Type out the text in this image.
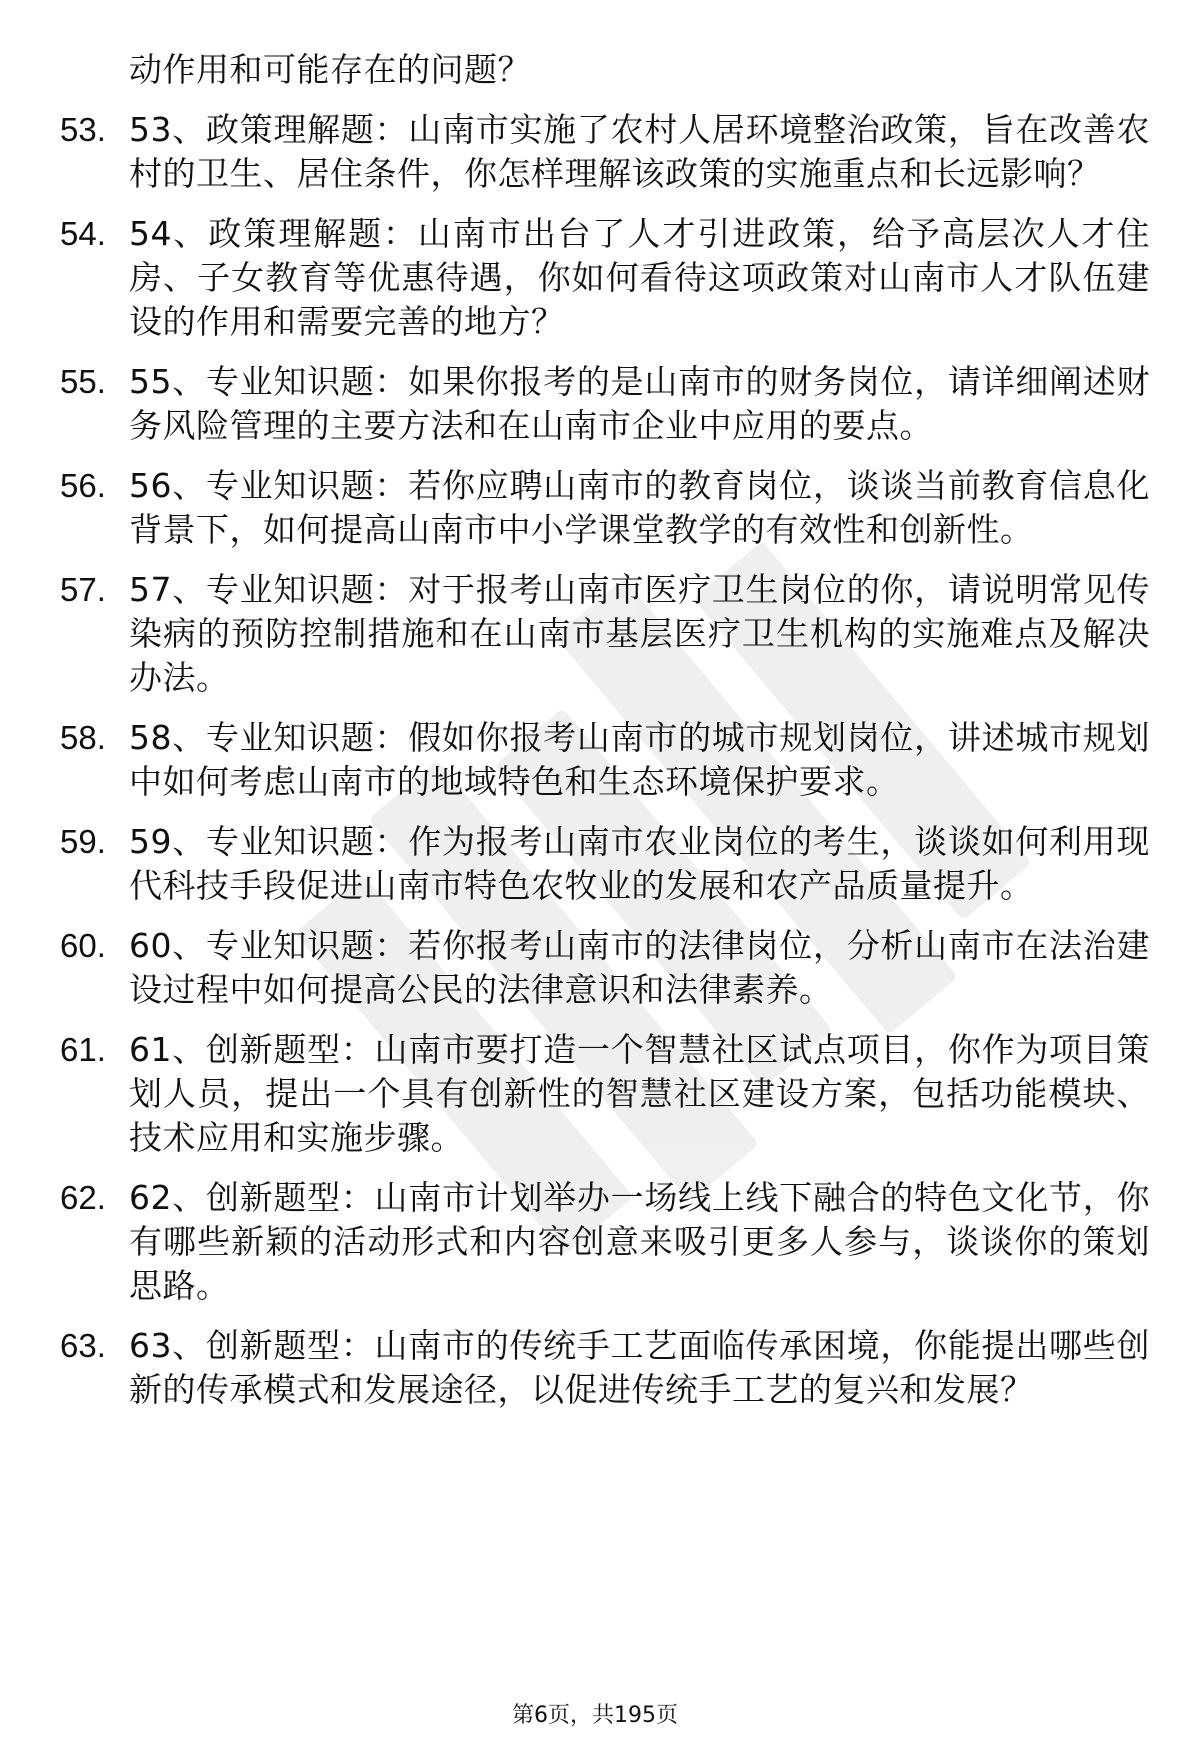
动作用和可能存在的问题？
53. 53、政策理解题：山南市实施了农村人居环境整治政策，旨在改善农村的卫生、居住条件，你怎样理解该政策的实施重点和长远影响？
54. 54、政策理解题：山南市出台了人才引进政策，给予高层次人才住房、子女教育等优惠待遇，你如何看待这项政策对山南市人才队伍建设的作用和需要完善的地方？
55. 55、专业知识题：如果你报考的是山南市的财务岗位，请详细阐述财务风险管理的主要方法和在山南市企业中应用的要点。
56. 56、专业知识题：若你应聘山南市的教育岗位，谈谈当前教育信息化背景下，如何提高山南市中小学课堂教学的有效性和创新性。
57. 57、专业知识题：对于报考山南市医疗卫生岗位的你，请说明常见传染病的预防控制措施和在山南市基层医疗卫生机构的实施难点及解决办法。
58. 58、专业知识题：假如你报考山南市的城市规划岗位，讲述城市规划中如何考虑山南市的地域特色和生态环境保护要求。
59. 59、专业知识题：作为报考山南市农业岗位的考生，谈谈如何利用现代科技手段促进山南市特色农牧业的发展和农产品质量提升。
60. 60、专业知识题：若你报考山南市的法律岗位，分析山南市在法治建设过程中如何提高公民的法律意识和法律素养。
61. 61、创新题型：山南市要打造一个智慧社区试点项目，你作为项目策划人员，提出一个具有创新性的智慧社区建设方案，包括功能模块、技术应用和实施步骤。
62. 62、创新题型：山南市计划举办一场线上线下融合的特色文化节，你有哪些新颖的活动形式和内容创意来吸引更多人参与，谈谈你的策划思路。
63. 63、创新题型：山南市的传统手工艺面临传承困境，你能提出哪些创新的传承模式和发展途径，以促进传统手工艺的复兴和发展？
第6页，共195页
